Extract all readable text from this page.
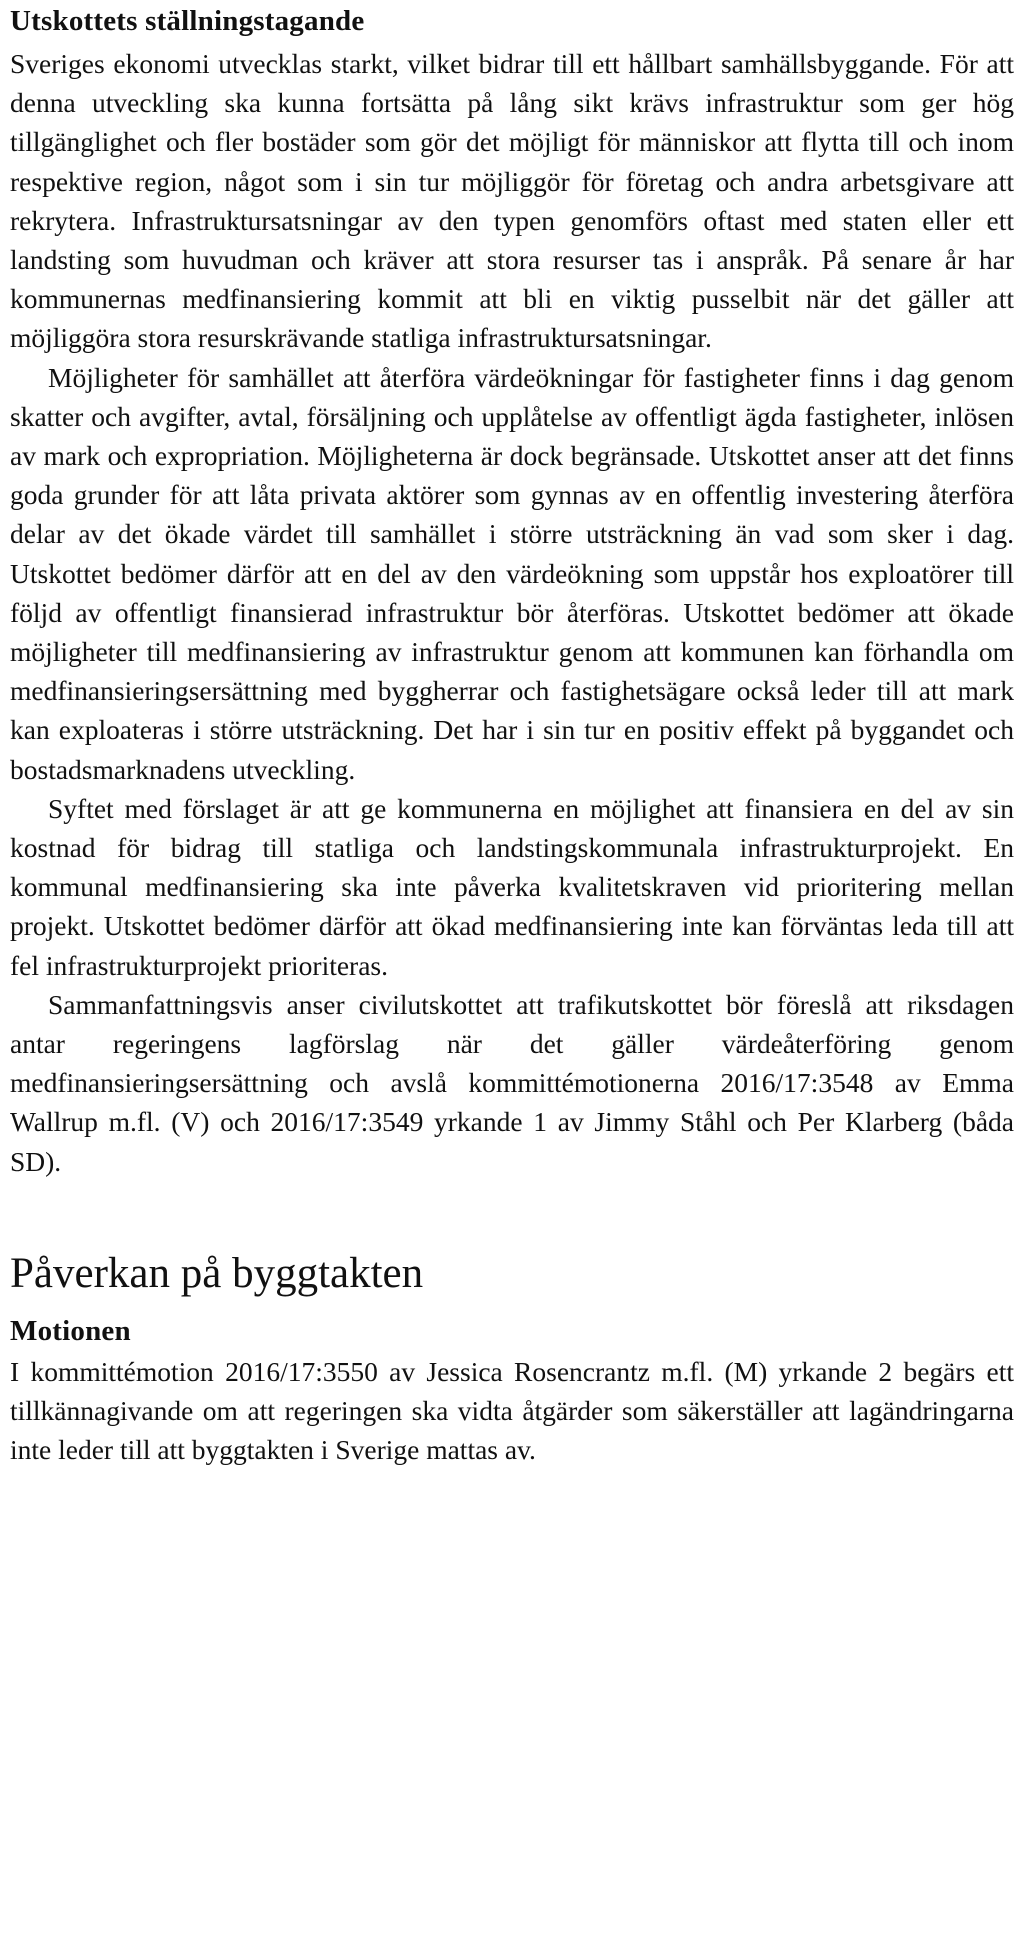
Utskottets ställningstagande

Sveriges ekonomi utvecklas starkt, vilket bidrar till ett hållbart samhällsbyggande. För att denna utveckling ska kunna fortsätta på lång sikt krävs infrastruktur som ger hög tillgänglighet och fler bostäder som gör det möjligt för människor att flytta till och inom respektive region, något som i sin tur möjliggör för företag och andra arbetsgivare att rekrytera. Infrastruktursatsningar av den typen genomförs oftast med staten eller ett landsting som huvudman och kräver att stora resurser tas i anspråk. På senare år har kommunernas medfinansiering kommit att bli en viktig pusselbit när det gäller att möjliggöra stora resurskrävande statliga infrastruktursatsningar.

Möjligheter för samhället att återföra värdeökningar för fastigheter finns i dag genom skatter och avgifter, avtal, försäljning och upplåtelse av offentligt ägda fastigheter, inlösen av mark och expropriation. Möjligheterna är dock begränsade. Utskottet anser att det finns goda grunder för att låta privata aktörer som gynnas av en offentlig investering återföra delar av det ökade värdet till samhället i större utsträckning än vad som sker i dag. Utskottet bedömer därför att en del av den värdeökning som uppstår hos exploatörer till följd av offentligt finansierad infrastruktur bör återföras. Utskottet bedömer att ökade möjligheter till medfinansiering av infrastruktur genom att kommunen kan förhandla om medfinansieringsersättning med byggherrar och fastighetsägare också leder till att mark kan exploateras i större utsträckning. Det har i sin tur en positiv effekt på byggandet och bostadsmarknadens utveckling.

Syftet med förslaget är att ge kommunerna en möjlighet att finansiera en del av sin kostnad för bidrag till statliga och landstingskommunala infrastrukturprojekt. En kommunal medfinansiering ska inte påverka kvalitetskraven vid prioritering mellan projekt. Utskottet bedömer därför att ökad medfinansiering inte kan förväntas leda till att fel infrastrukturprojekt prioriteras.

Sammanfattningsvis anser civilutskottet att trafikutskottet bör föreslå att riksdagen antar regeringens lagförslag när det gäller värdeåterföring genom medfinansieringsersättning och avslå kommittémotionerna 2016/17:3548 av Emma Wallrup m.fl. (V) och 2016/17:3549 yrkande 1 av Jimmy Ståhl och Per Klarberg (båda SD).

Påverkan på byggtakten
Motionen

I kommittémotion 2016/17:3550 av Jessica Rosencrantz m.fl. (M) yrkande 2 begärs ett tillkännagivande om att regeringen ska vidta åtgärder som säkerställer att lagändringarna inte leder till att byggtakten i Sverige mattas av.
